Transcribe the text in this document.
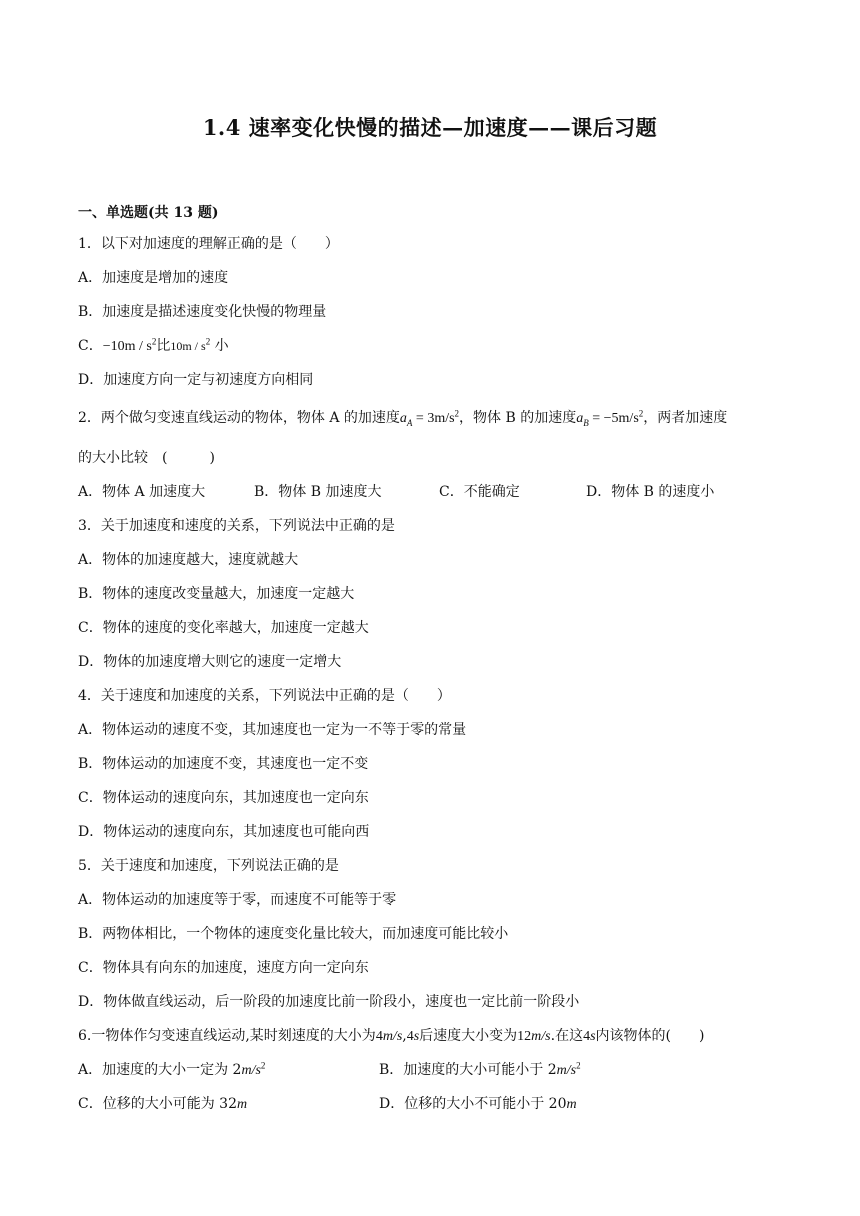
1.4 速率变化快慢的描述—加速度——课后习题
一、单选题(共 13 题)
1．以下对加速度的理解正确的是（　　）
A．加速度是增加的速度
B．加速度是描述速度变化快慢的物理量
C．$-10m / s^2$比$10m / s^2$ 小
D．加速度方向一定与初速度方向相同
2．两个做匀变速直线运动的物体，物体 A 的加速度$a_A = 3m/s^2$，物体 B 的加速度$a_B = -5m/s^2$，两者加速度
的大小比较　(　　　)
A．物体 A 加速度大	B．物体 B 加速度大	C．不能确定	D．物体 B 的速度小
3．关于加速度和速度的关系，下列说法中正确的是
A．物体的加速度越大，速度就越大
B．物体的速度改变量越大，加速度一定越大
C．物体的速度的变化率越大，加速度一定越大
D．物体的加速度增大则它的速度一定增大
4．关于速度和加速度的关系，下列说法中正确的是（　　）
A．物体运动的速度不变，其加速度也一定为一不等于零的常量
B．物体运动的加速度不变，其速度也一定不变
C．物体运动的速度向东，其加速度也一定向东
D．物体运动的速度向东，其加速度也可能向西
5．关于速度和加速度，下列说法正确的是
A．物体运动的加速度等于零，而速度不可能等于零
B．两物体相比，一个物体的速度变化量比较大，而加速度可能比较小
C．物体具有向东的加速度，速度方向一定向东
D．物体做直线运动，后一阶段的加速度比前一阶段小，速度也一定比前一阶段小
6.一物体作匀变速直线运动,某时刻速度的大小为4m/s,4s后速度大小变为12m/s.在这4s内该物体的(　　)
A．加速度的大小一定为 $2m/s^2$	B．加速度的大小可能小于 $2m/s^2$
C．位移的大小可能为 32m	D．位移的大小不可能小于 20m
